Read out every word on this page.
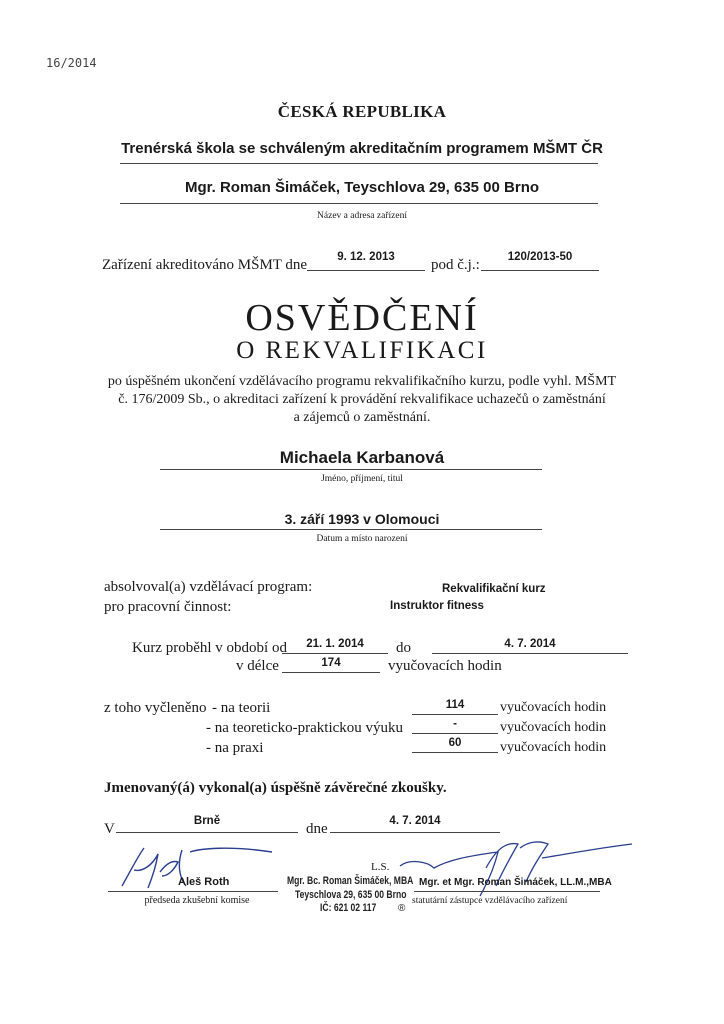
16/2014
ČESKÁ REPUBLIKA
Trenérská škola se schváleným akreditačním programem MŠMT ČR
Mgr. Roman Šimáček, Teyschlova 29, 635 00 Brno
Název a adresa zařízení
Zařízení akreditováno MŠMT dne	9. 12. 2013	pod č.j.:	120/2013-50
OSVĚDČENÍ
O REKVALIFIKACI
po úspěšném ukončení vzdělávacího programu rekvalifikačního kurzu, podle vyhl. MŠMT
č. 176/2009 Sb., o akreditaci zařízení k provádění rekvalifikace uchazečů o zaměstnání
a zájemců o zaměstnání.
Michaela Karbanová
Jméno, příjmení, titul
3. září 1993 v Olomouci
Datum a místo narození
absolvoval(a) vzdělávací program:	Rekvalifikační kurz
pro pracovní činnost:	Instruktor fitness
Kurz proběhl v období od	21. 1. 2014	do	4. 7. 2014
v délce	174	vyučovacích hodin
z toho vyčleněno - na teorii	114	vyučovacích hodin
- na teoreticko-praktickou výuku	-	vyučovacích hodin
- na praxi	60	vyučovacích hodin
Jmenovaný(á) vykonal(a) úspěšně závěrečné zkoušky.
V	Brně	dne	4. 7. 2014
Aleš Roth
předseda zkušební komise
L.S.
Mgr. Bc. Roman Šimáček, MBA
Teyschlova 29, 635 00 Brno
IČ: 621 02 117 ®
Mgr. et Mgr. Roman Šimáček, LL.M.,MBA
statutární zástupce vzdělávacího zařízení
